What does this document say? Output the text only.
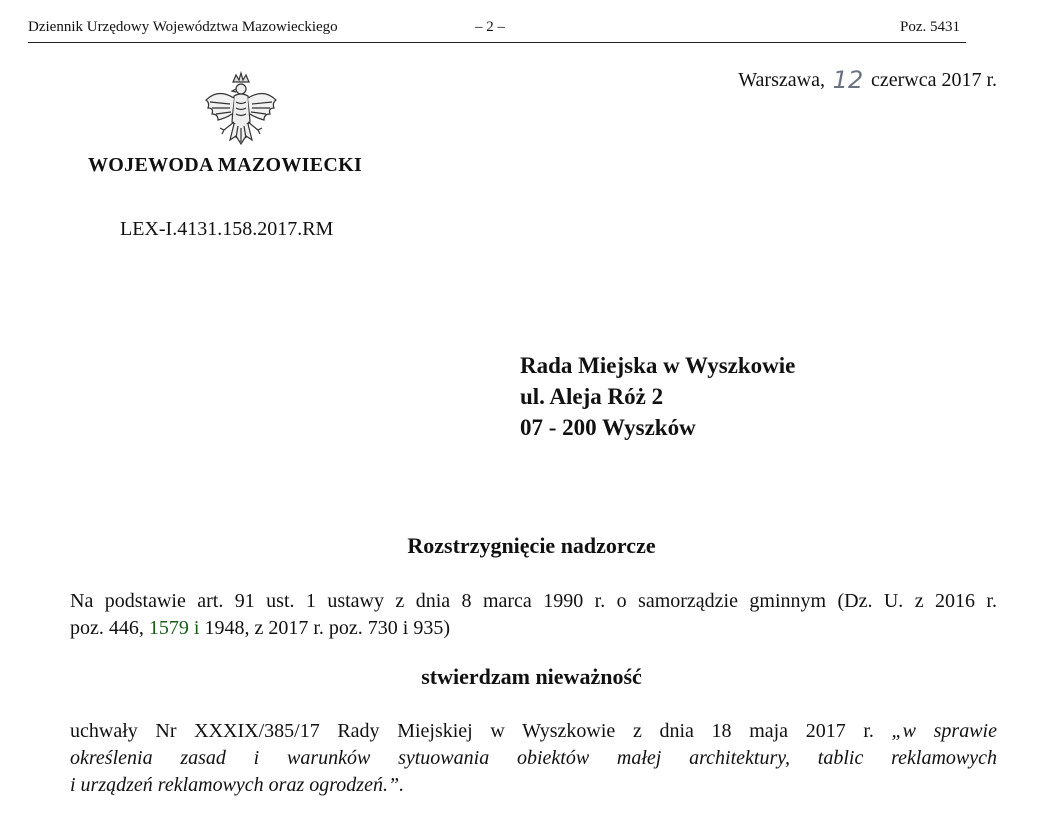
Dziennik Urzędowy Województwa Mazowieckiego	– 2 –	Poz. 5431
Warszawa, 12 czerwca 2017 r.
WOJEWODA MAZOWIECKI
LEX-I.4131.158.2017.RM
Rada Miejska w Wyszkowie
ul. Aleja Róż 2
07 - 200 Wyszków
Rozstrzygnięcie nadzorcze
Na podstawie art. 91 ust. 1 ustawy z dnia 8 marca 1990 r. o samorządzie gminnym (Dz. U. z 2016 r.
poz. 446, 1579 i 1948, z 2017 r. poz. 730 i 935)
stwierdzam nieważność
uchwały Nr XXXIX/385/17 Rady Miejskiej w Wyszkowie z dnia 18 maja 2017 r. „w sprawie
określenia zasad i warunków sytuowania obiektów małej architektury, tablic reklamowych
i urządzeń reklamowych oraz ogrodzeń.”.
